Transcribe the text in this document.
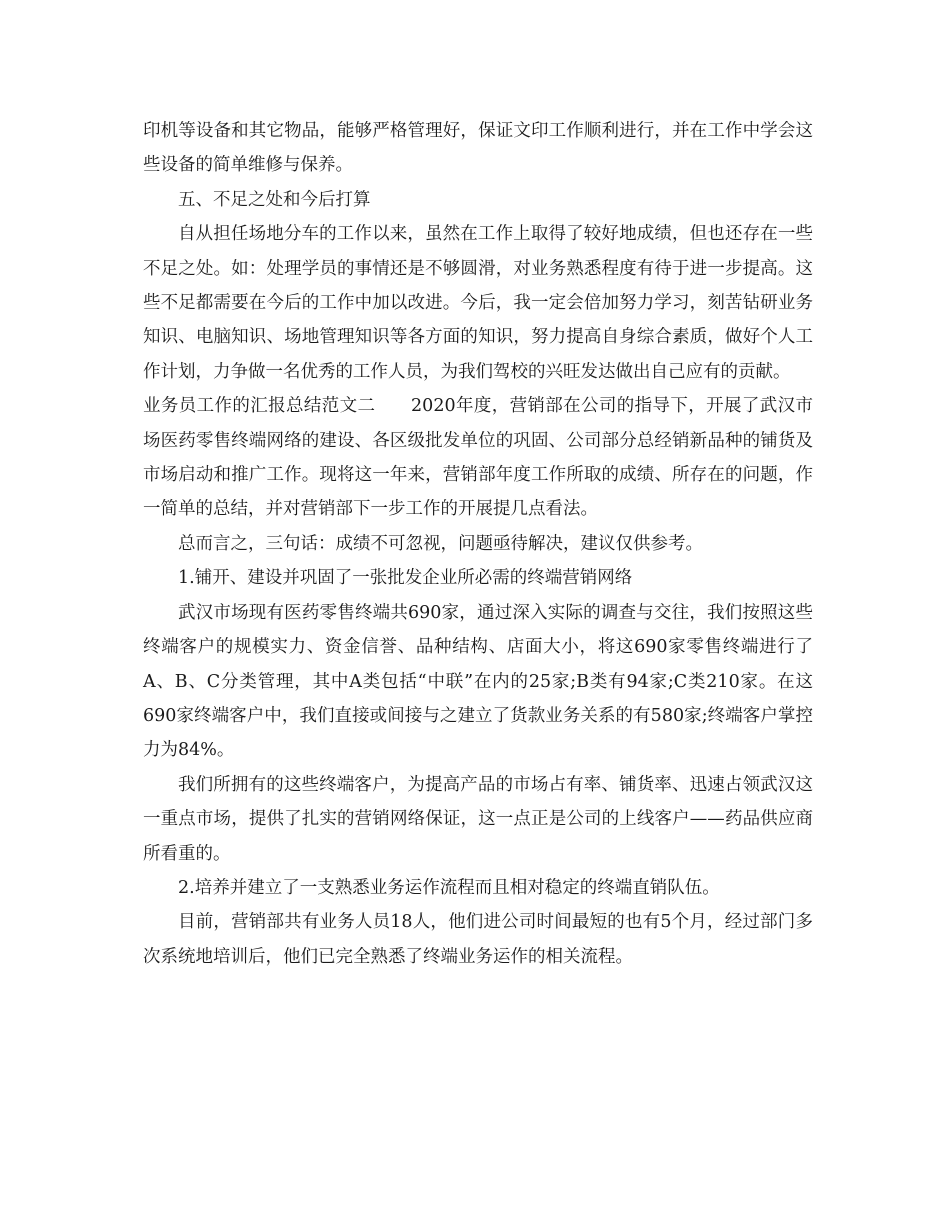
印机等设备和其它物品，能够严格管理好，保证文印工作顺利进行，并在工作中学会这些设备的简单维修与保养。

五、不足之处和今后打算

自从担任场地分车的工作以来，虽然在工作上取得了较好地成绩，但也还存在一些不足之处。如：处理学员的事情还是不够圆滑，对业务熟悉程度有待于进一步提高。这些不足都需要在今后的工作中加以改进。今后，我一定会倍加努力学习，刻苦钻研业务知识、电脑知识、场地管理知识等各方面的知识，努力提高自身综合素质，做好个人工作计划，力争做一名优秀的工作人员，为我们驾校的兴旺发达做出自己应有的贡献。

业务员工作的汇报总结范文二　　2020年度，营销部在公司的指导下，开展了武汉市场医药零售终端网络的建设、各区级批发单位的巩固、公司部分总经销新品种的铺货及市场启动和推广工作。现将这一年来，营销部年度工作所取的成绩、所存在的问题，作一简单的总结，并对营销部下一步工作的开展提几点看法。

总而言之，三句话：成绩不可忽视，问题亟待解决，建议仅供参考。

1.铺开、建设并巩固了一张批发企业所必需的终端营销网络

武汉市场现有医药零售终端共690家，通过深入实际的调查与交往，我们按照这些终端客户的规模实力、资金信誉、品种结构、店面大小，将这690家零售终端进行了A、B、C分类管理，其中A类包括“中联”在内的25家;B类有94家;C类210家。在这690家终端客户中，我们直接或间接与之建立了货款业务关系的有580家;终端客户掌控力为84%。

我们所拥有的这些终端客户，为提高产品的市场占有率、铺货率、迅速占领武汉这一重点市场，提供了扎实的营销网络保证，这一点正是公司的上线客户——药品供应商所看重的。

2.培养并建立了一支熟悉业务运作流程而且相对稳定的终端直销队伍。

目前，营销部共有业务人员18人，他们进公司时间最短的也有5个月，经过部门多次系统地培训后，他们已完全熟悉了终端业务运作的相关流程。
